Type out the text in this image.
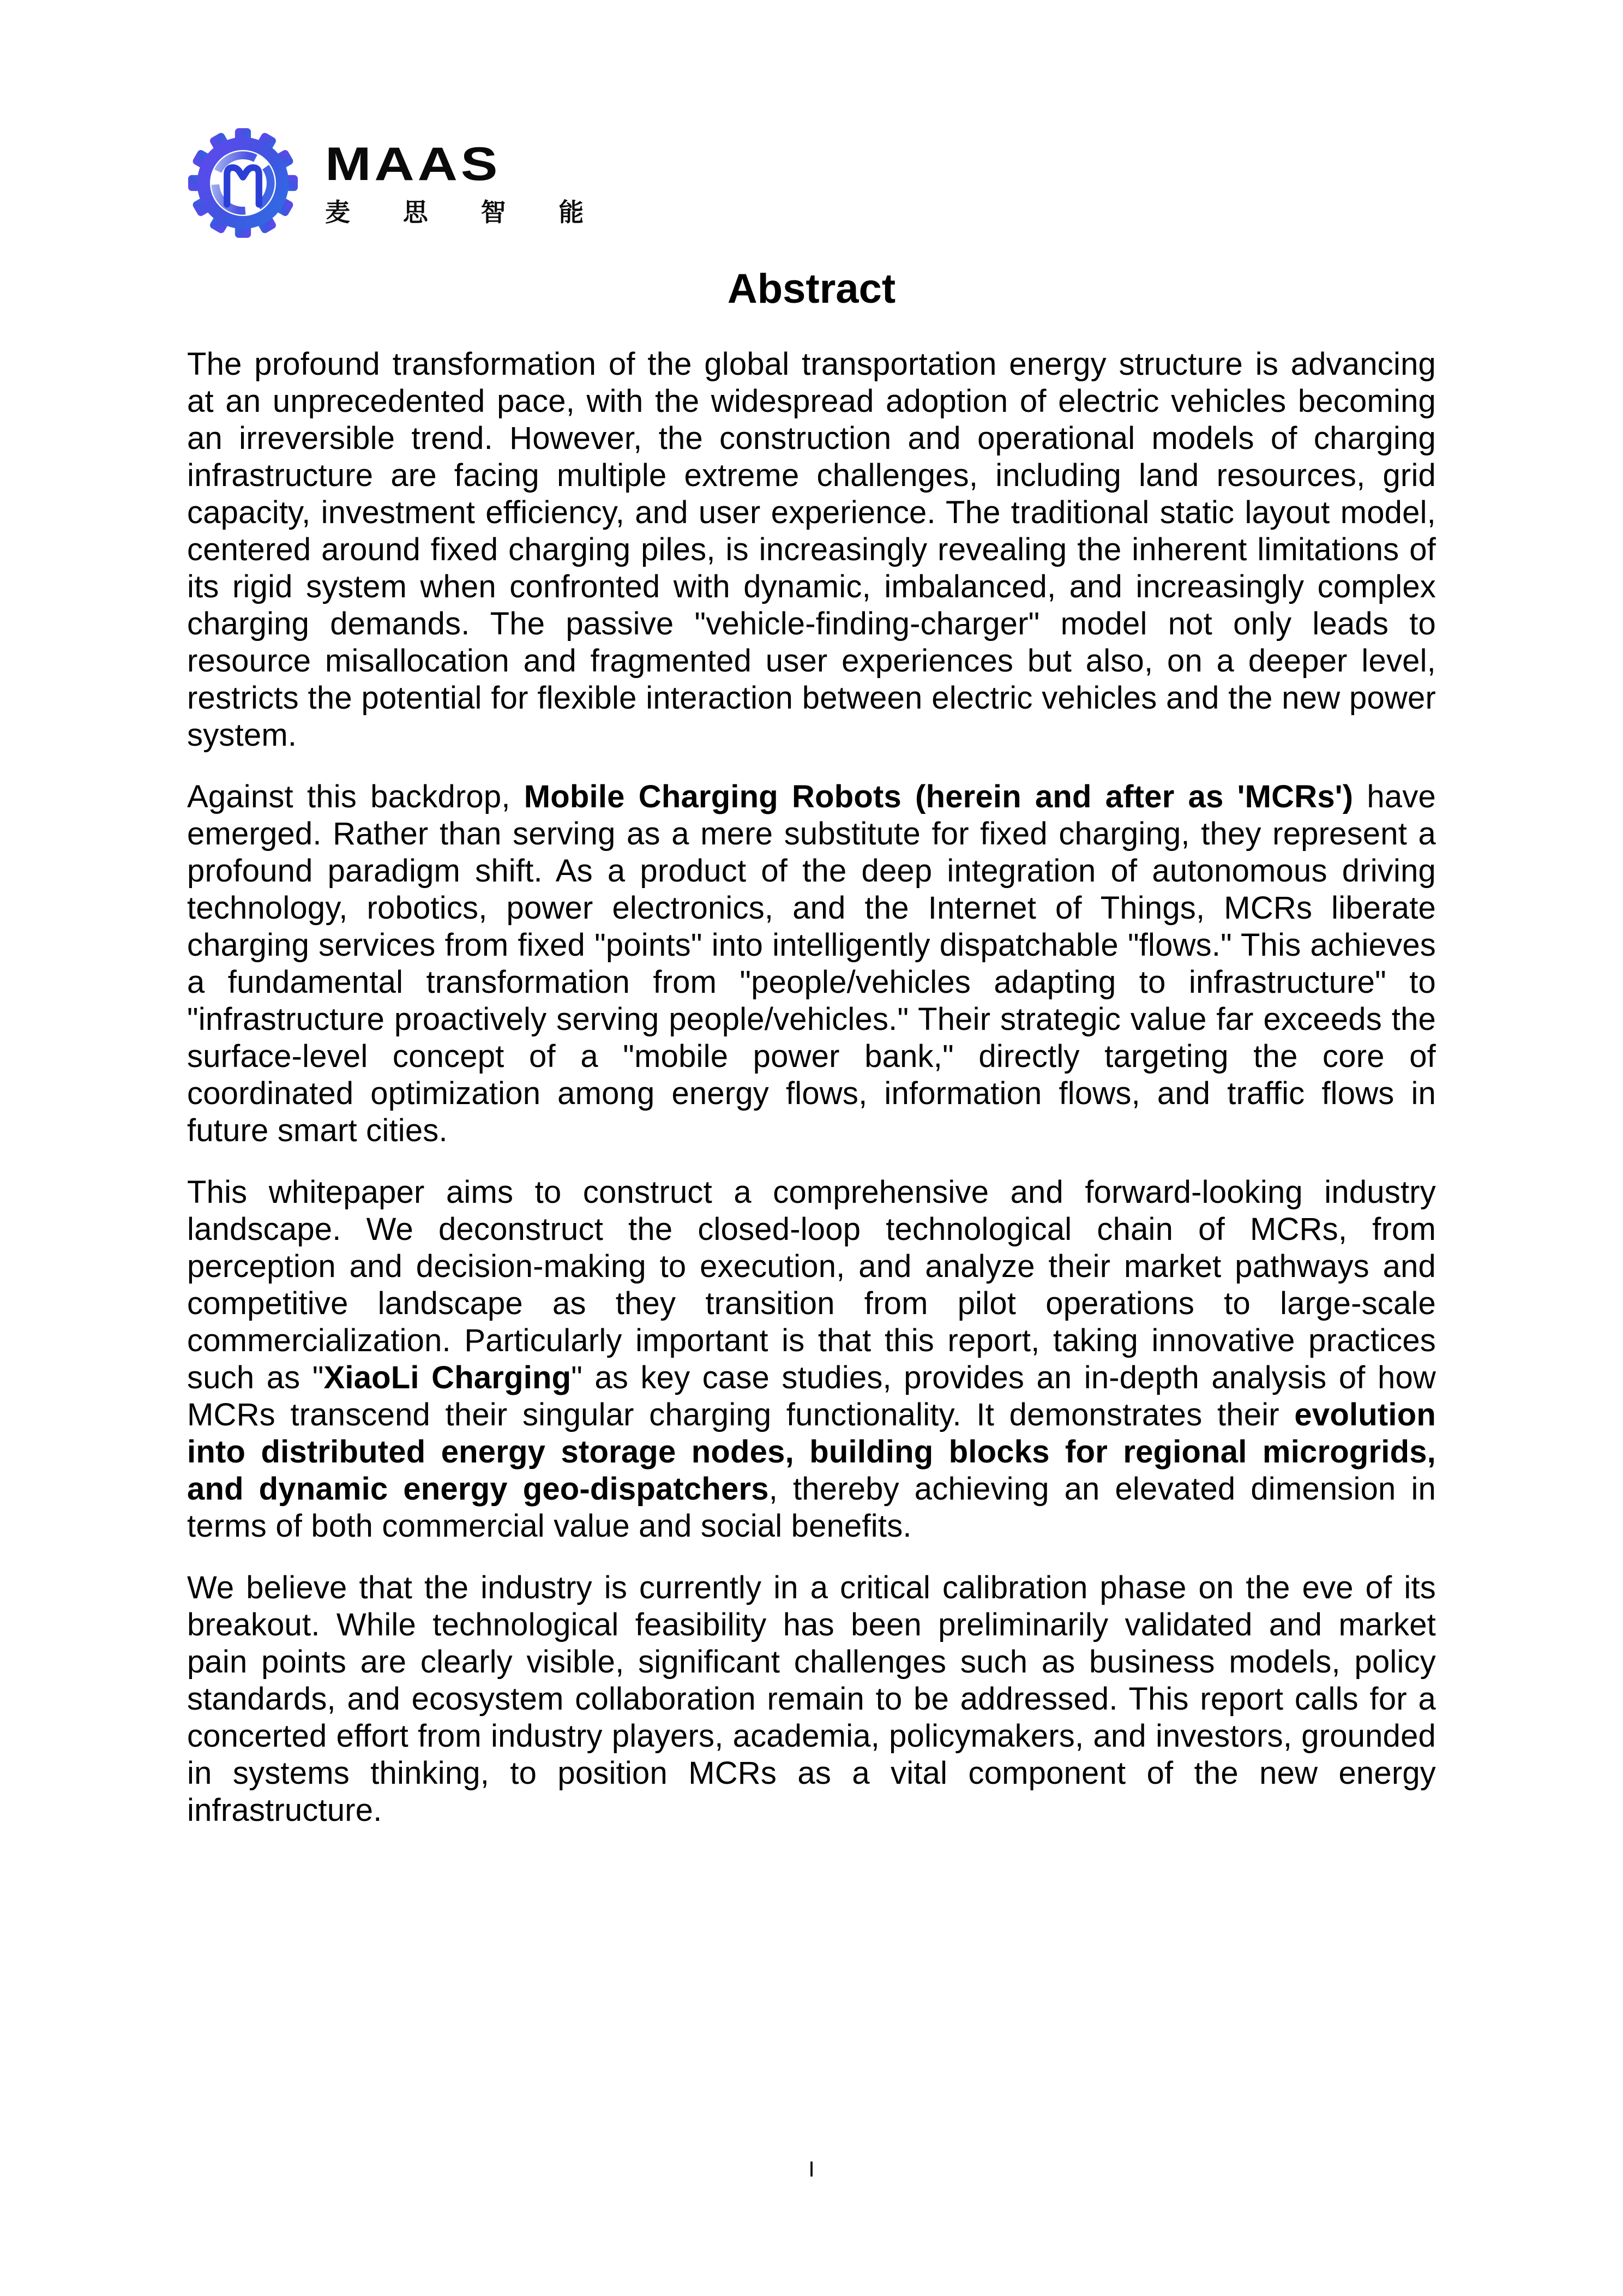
MAAS
麦 思 智 能
Abstract

The profound transformation of the global transportation energy structure is advancing at an unprecedented pace, with the widespread adoption of electric vehicles becoming an irreversible trend. However, the construction and operational models of charging infrastructure are facing multiple extreme challenges, including land resources, grid capacity, investment efficiency, and user experience. The traditional static layout model, centered around fixed charging piles, is increasingly revealing the inherent limitations of its rigid system when confronted with dynamic, imbalanced, and increasingly complex charging demands. The passive "vehicle-finding-charger" model not only leads to resource misallocation and fragmented user experiences but also, on a deeper level, restricts the potential for flexible interaction between electric vehicles and the new power system.

Against this backdrop, Mobile Charging Robots (herein and after as 'MCRs') have emerged. Rather than serving as a mere substitute for fixed charging, they represent a profound paradigm shift. As a product of the deep integration of autonomous driving technology, robotics, power electronics, and the Internet of Things, MCRs liberate charging services from fixed "points" into intelligently dispatchable "flows." This achieves a fundamental transformation from "people/vehicles adapting to infrastructure" to "infrastructure proactively serving people/vehicles." Their strategic value far exceeds the surface-level concept of a "mobile power bank," directly targeting the core of coordinated optimization among energy flows, information flows, and traffic flows in future smart cities.

This whitepaper aims to construct a comprehensive and forward-looking industry landscape. We deconstruct the closed-loop technological chain of MCRs, from perception and decision-making to execution, and analyze their market pathways and competitive landscape as they transition from pilot operations to large-scale commercialization. Particularly important is that this report, taking innovative practices such as "XiaoLi Charging" as key case studies, provides an in-depth analysis of how MCRs transcend their singular charging functionality. It demonstrates their evolution into distributed energy storage nodes, building blocks for regional microgrids, and dynamic energy geo-dispatchers, thereby achieving an elevated dimension in terms of both commercial value and social benefits.

We believe that the industry is currently in a critical calibration phase on the eve of its breakout. While technological feasibility has been preliminarily validated and market pain points are clearly visible, significant challenges such as business models, policy standards, and ecosystem collaboration remain to be addressed. This report calls for a concerted effort from industry players, academia, policymakers, and investors, grounded in systems thinking, to position MCRs as a vital component of the new energy infrastructure.

I
